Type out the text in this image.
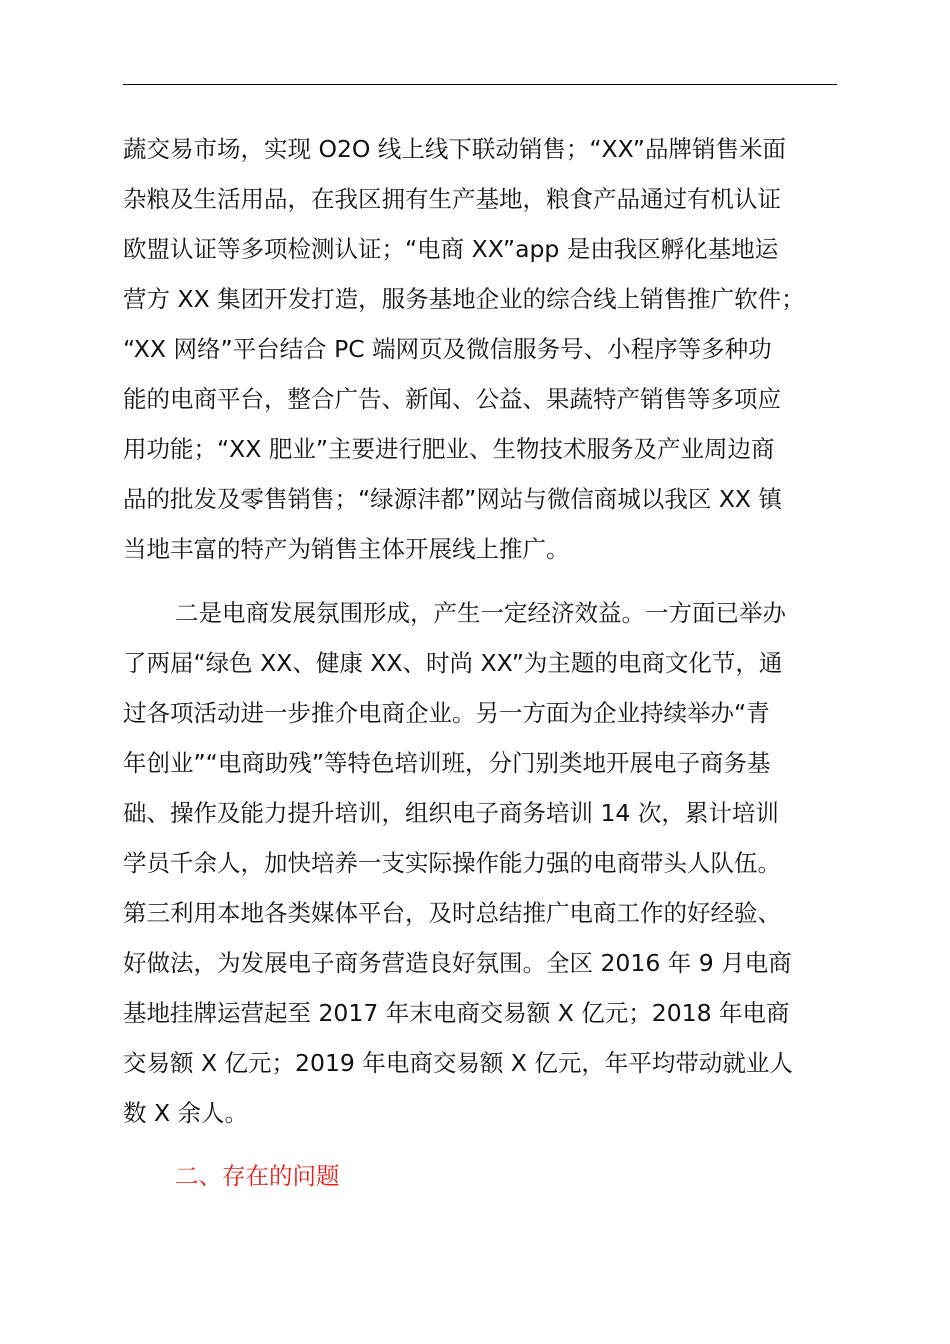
蔬交易市场，实现 O2O 线上线下联动销售；“XX”品牌销售米面
杂粮及生活用品，在我区拥有生产基地，粮食产品通过有机认证
欧盟认证等多项检测认证；“电商 XX”app 是由我区孵化基地运
营方 XX 集团开发打造，服务基地企业的综合线上销售推广软件；
“XX 网络”平台结合 PC 端网页及微信服务号、小程序等多种功
能的电商平台，整合广告、新闻、公益、果蔬特产销售等多项应
用功能；“XX 肥业”主要进行肥业、生物技术服务及产业周边商
品的批发及零售销售；“绿源沣都”网站与微信商城以我区 XX 镇
当地丰富的特产为销售主体开展线上推广。
二是电商发展氛围形成，产生一定经济效益。一方面已举办
了两届“绿色 XX、健康 XX、时尚 XX”为主题的电商文化节，通
过各项活动进一步推介电商企业。另一方面为企业持续举办“青
年创业”“电商助残”等特色培训班，分门别类地开展电子商务基
础、操作及能力提升培训，组织电子商务培训 14 次，累计培训
学员千余人，加快培养一支实际操作能力强的电商带头人队伍。
第三利用本地各类媒体平台，及时总结推广电商工作的好经验、
好做法，为发展电子商务营造良好氛围。全区 2016 年 9 月电商
基地挂牌运营起至 2017 年末电商交易额 X 亿元；2018 年电商
交易额 X 亿元；2019 年电商交易额 X 亿元，年平均带动就业人
数 X 余人。
二、存在的问题
